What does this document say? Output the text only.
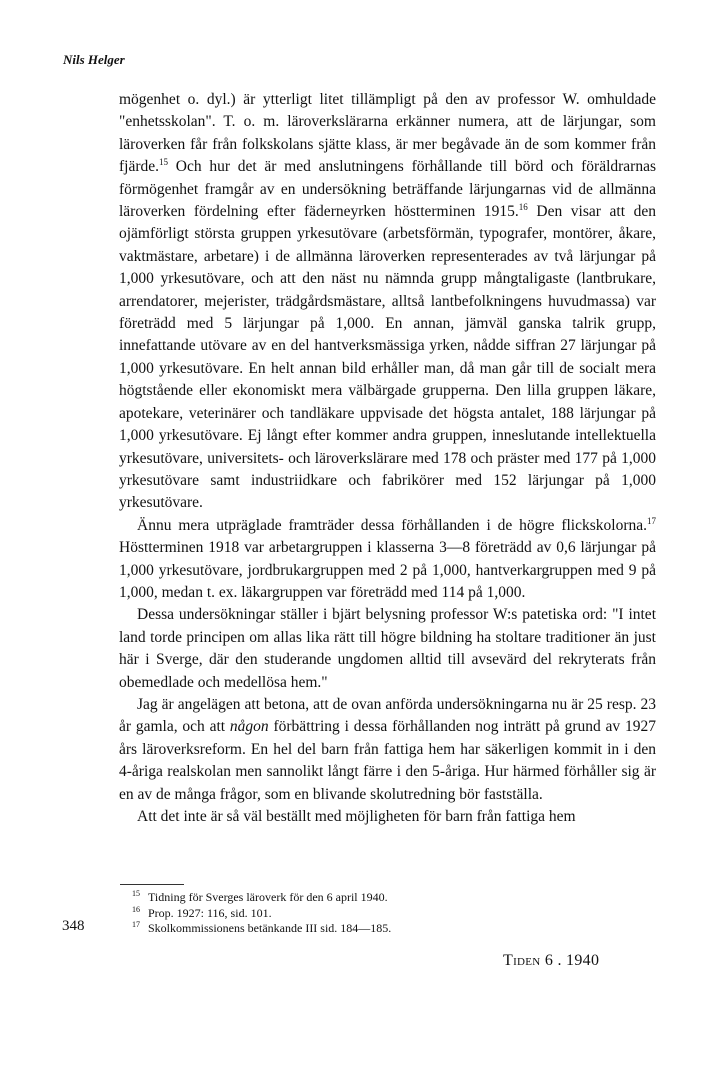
Nils Helger

mögenhet o. dyl.) är ytterligt litet tillämpligt på den av professor W. omhuldade "enhetsskolan". T. o. m. läroverkslärarna erkänner numera, att de lärjungar, som läroverken får från folkskolans sjätte klass, är mer begåvade än de som kommer från fjärde.$^{15}$ Och hur det är med anslutningens förhållande till börd och föräldrarnas förmögenhet framgår av en undersökning beträffande lärjungarnas vid de allmänna läroverken fördelning efter fäderneyrken höstterminen 1915.16 Den visar att den ojämförligt största gruppen yrkesutövare (arbetsförmän, typografer, montörer, åkare, vaktmästare, arbetare) i de allmänna läroverken representerades av två lärjungar på 1,000 yrkesutövare, och att den näst nu nämnda grupp mångtaligaste (lantbrukare, arrendatorer, mejerister, trädgårdsmästare, alltså lantbefolkningens huvudmassa) var företrädd med 5 lärjungar på 1,000. En annan, jämväl ganska talrik grupp, innefattande utövare av en del hantverksmässiga yrken, nådde siffran 27 lärjungar på 1,000 yrkesutövare. En helt annan bild erhåller man, då man går till de socialt mera högtstående eller ekonomiskt mera välbärgade grupperna. Den lilla gruppen läkare, apotekare, veterinärer och tandläkare uppvisade det högsta antalet, 188 lärjungar på 1,000 yrkesutövare. Ej långt efter kommer andra gruppen, inneslutande intellektuella yrkesutövare, universitets- och läroverkslärare med 178 och präster med 177 på 1,000 yrkesutövare samt industriidkare och fabrikörer med 152 lärjungar på 1,000 yrkesutövare.

Ännu mera utpräglade framträder dessa förhållanden i de högre flickskolorna.$^{17}$ Höstterminen 1918 var arbetargruppen i klasserna 3—8 företrädd av 0,6 lärjungar på 1,000 yrkesutövare, jordbrukargruppen med 2 på 1,000, hantverkargruppen med 9 på 1,000, medan t. ex. läkargruppen var företrädd med 114 på 1,000.

Dessa undersökningar ställer i bjärt belysning professor W:s patetiska ord: "I intet land torde principen om allas lika rätt till högre bildning ha stoltare traditioner än just här i Sverge, där den studerande ungdomen alltid till avsevärd del rekryterats från obemedlade och medellösa hem."

Jag är angelägen att betona, att de ovan anförda undersökningarna nu är 25 resp. 23 år gamla, och att någon förbättring i dessa förhållanden nog inträtt på grund av 1927 års läroverksreform. En hel del barn från fattiga hem har säkerligen kommit in i den 4-åriga realskolan men sannolikt långt färre i den 5-åriga. Hur härmed förhåller sig är en av de många frågor, som en blivande skolutredning bör fastställa.

Att det inte är så väl beställt med möjligheten för barn från fattiga hem

$^{15}$ Tidning för Sverges läroverk för den 6 april 1940.
$^{16}$ Prop. 1927: 116, sid. 101.
$^{17}$ Skolkommissionens betänkande III sid. 184—185.
348
Tiden 6 . 1940
